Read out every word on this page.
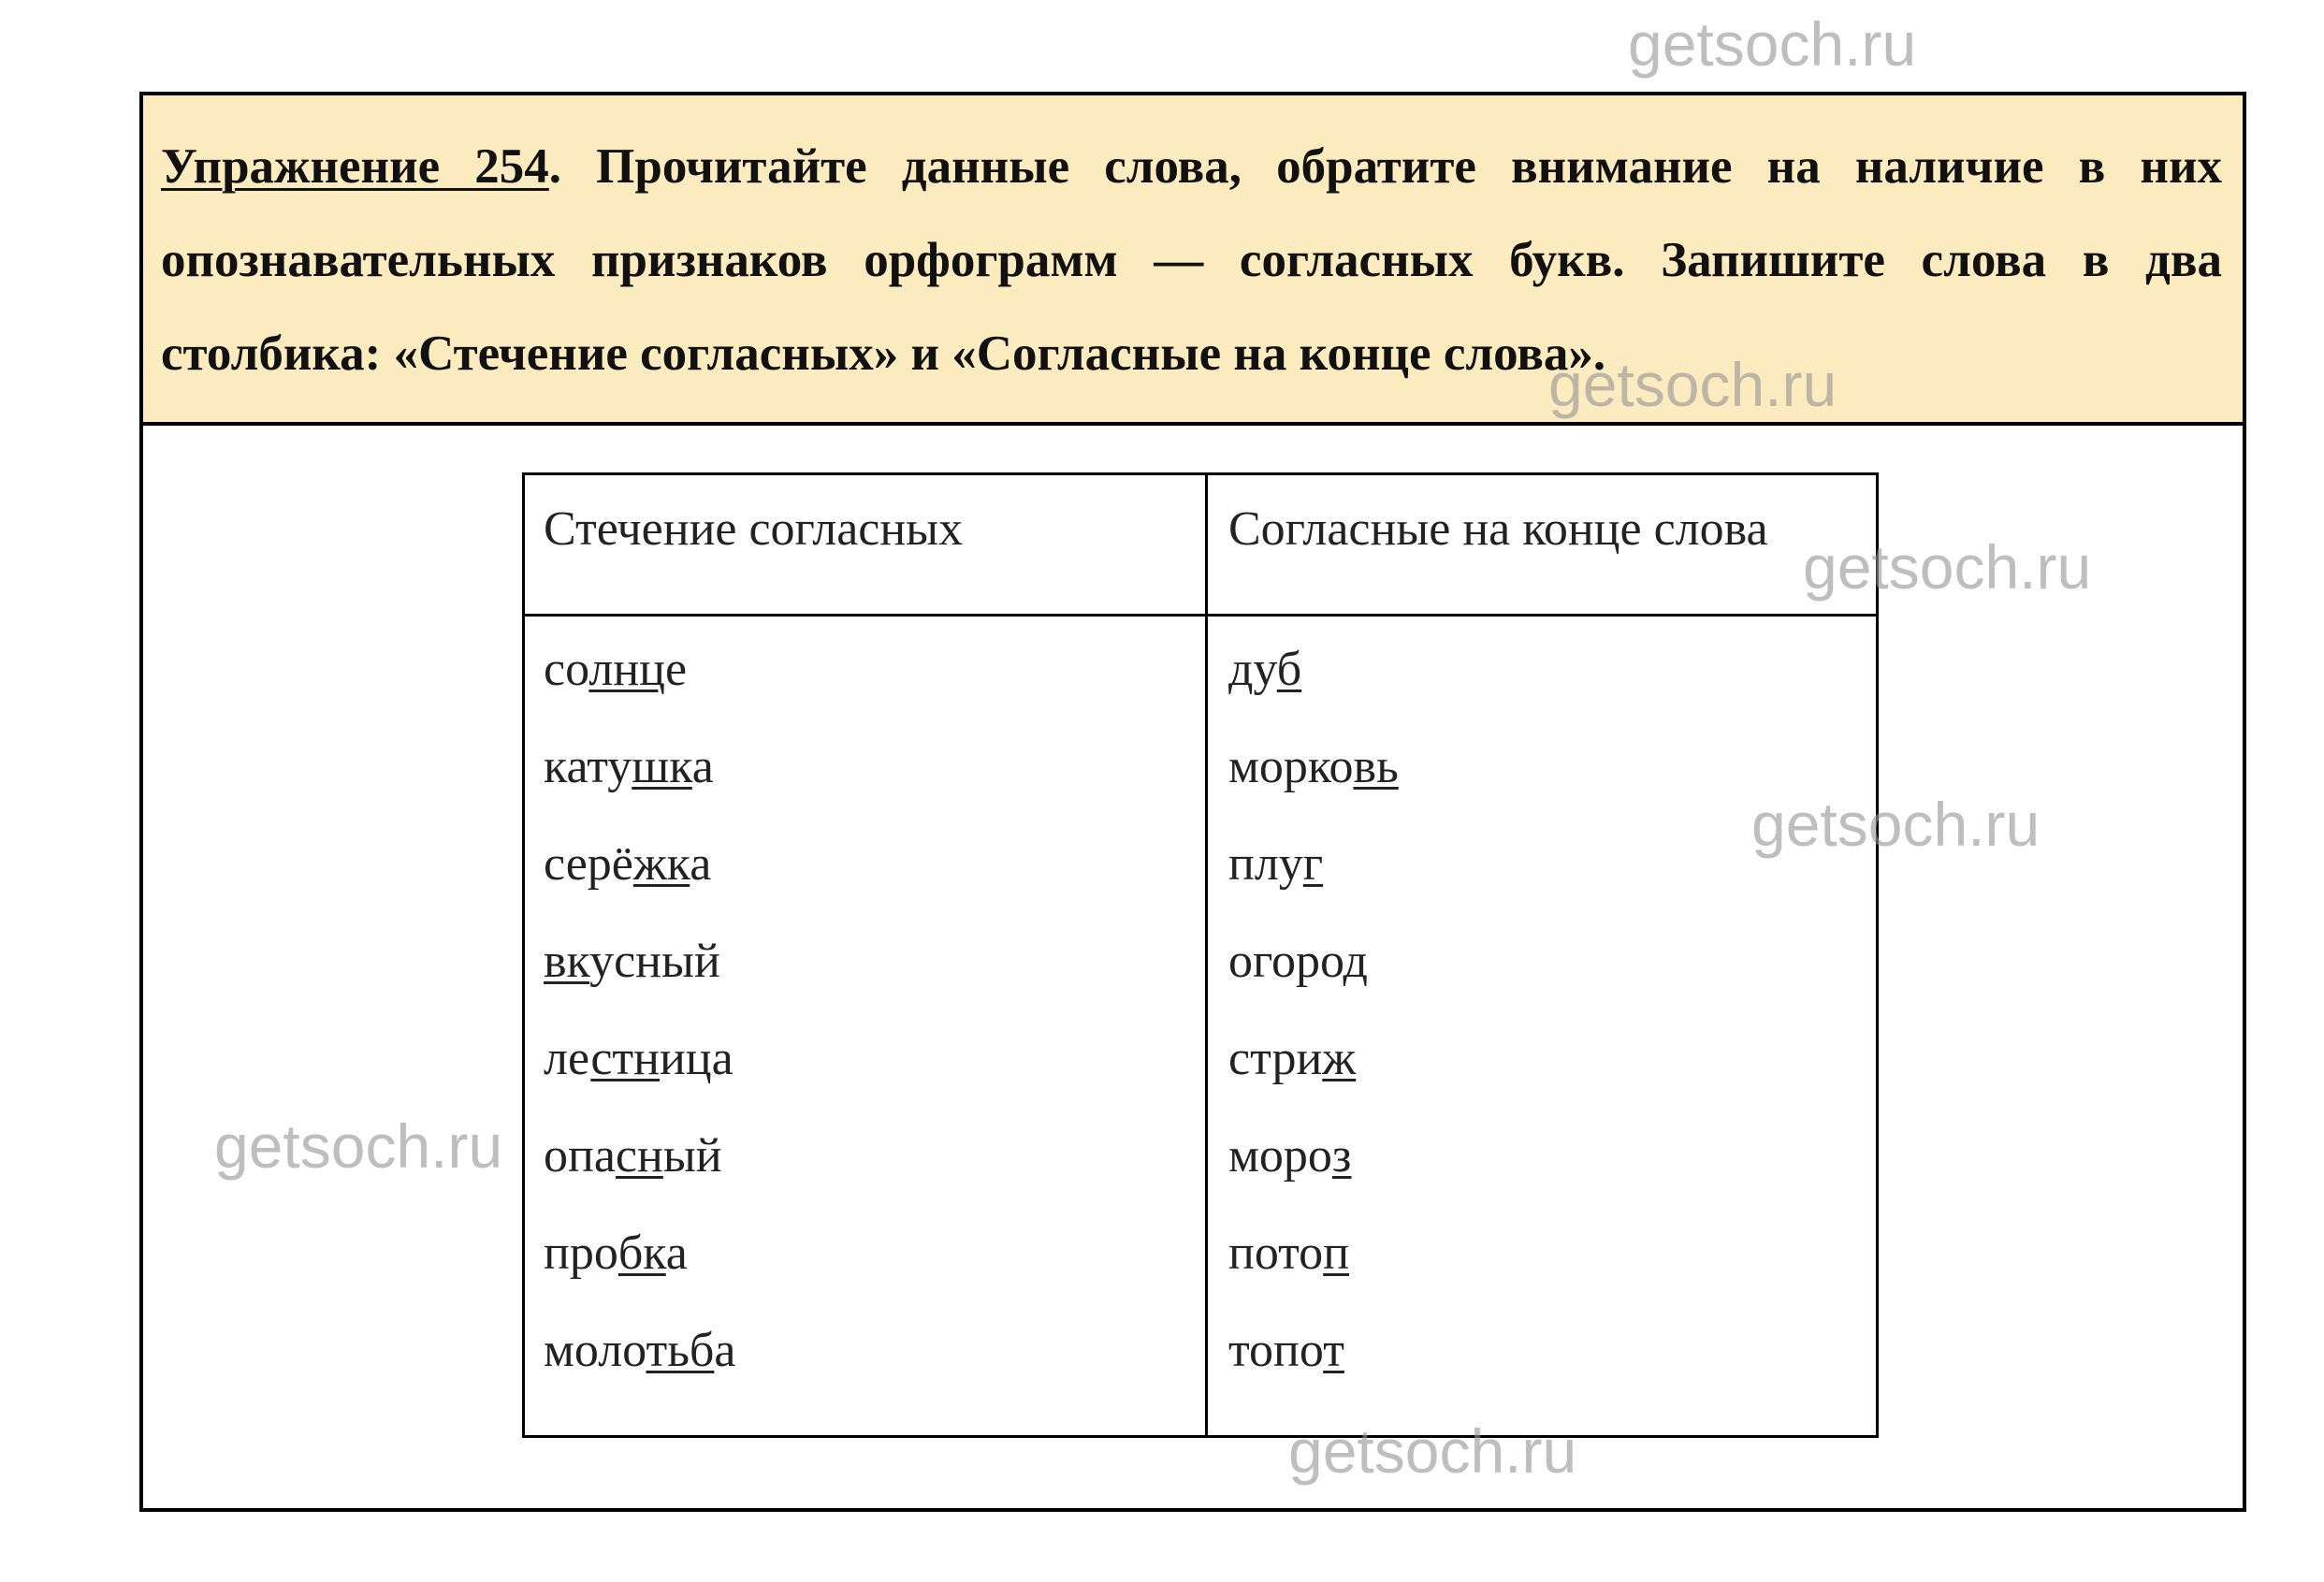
Упражнение 254. Прочитайте данные слова, обратите внимание на наличие в них опознавательных признаков орфограмм — согласных букв. Запишите слова в два столбика: «Стечение согласных» и «Согласные на конце слова».

Стечение согласных	Согласные на конце слова
солнце
катушка
серёжка
вкусный
лестница
опасный
пробка
молотьба
дуб
морковь
плуг
огород
стриж
мороз
потоп
топот
getsoch.ru
getsoch.ru
getsoch.ru
getsoch.ru
getsoch.ru
getsoch.ru
